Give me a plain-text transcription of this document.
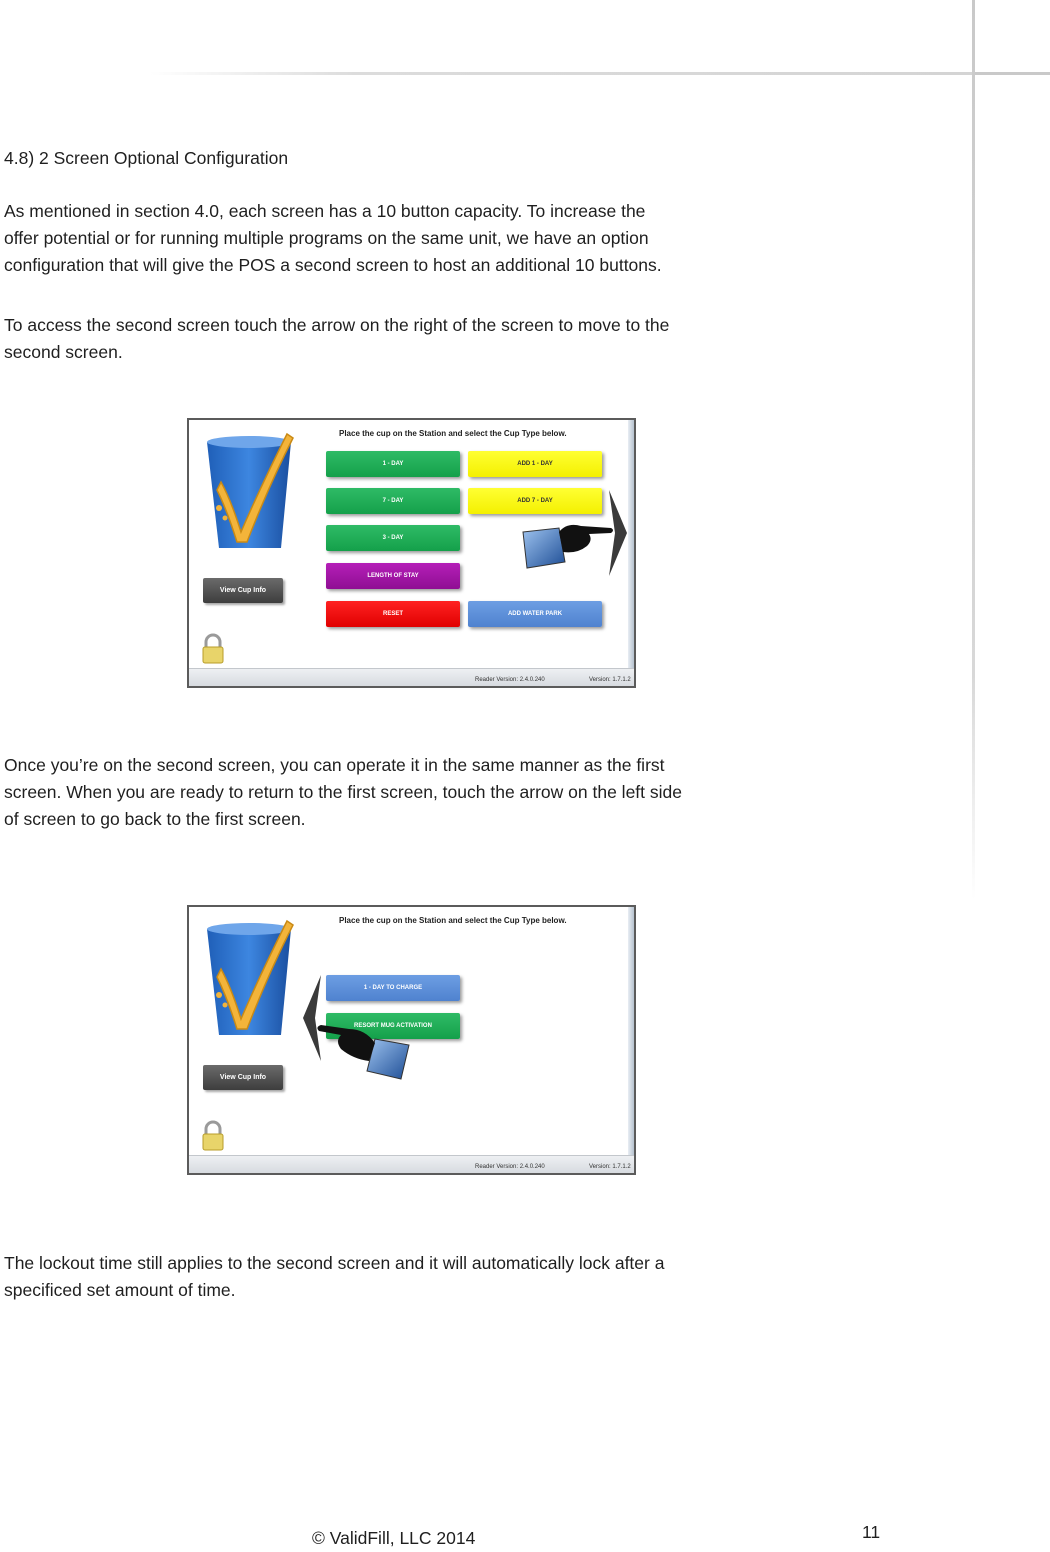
4.8) 2 Screen Optional Configuration
As mentioned in section 4.0, each screen has a 10 button capacity. To increase the
offer potential or for running multiple programs on the same unit, we have an option
configuration that will give the POS a second screen to host an additional 10 buttons.
To access the second screen touch the arrow on the right of the screen to move to the
second screen.
View Cup Info
Place the cup on the Station and select the Cup Type below.
1 - DAY	ADD 1 - DAY
7 - DAY	ADD 7 - DAY
3 - DAY
LENGTH OF STAY
RESET	ADD WATER PARK
Reader Version: 2.4.0.240	Version: 1.7.1.2
Once you’re on the second screen, you can operate it in the same manner as the first
screen. When you are ready to return to the first screen, touch the arrow on the left side
of screen to go back to the first screen.
View Cup Info
Place the cup on the Station and select the Cup Type below.
1 - DAY TO CHARGE
RESORT MUG ACTIVATION
Reader Version: 2.4.0.240	Version: 1.7.1.2
The lockout time still applies to the second screen and it will automatically lock after a
specificed set amount of time.
© ValidFill, LLC 2014	11
